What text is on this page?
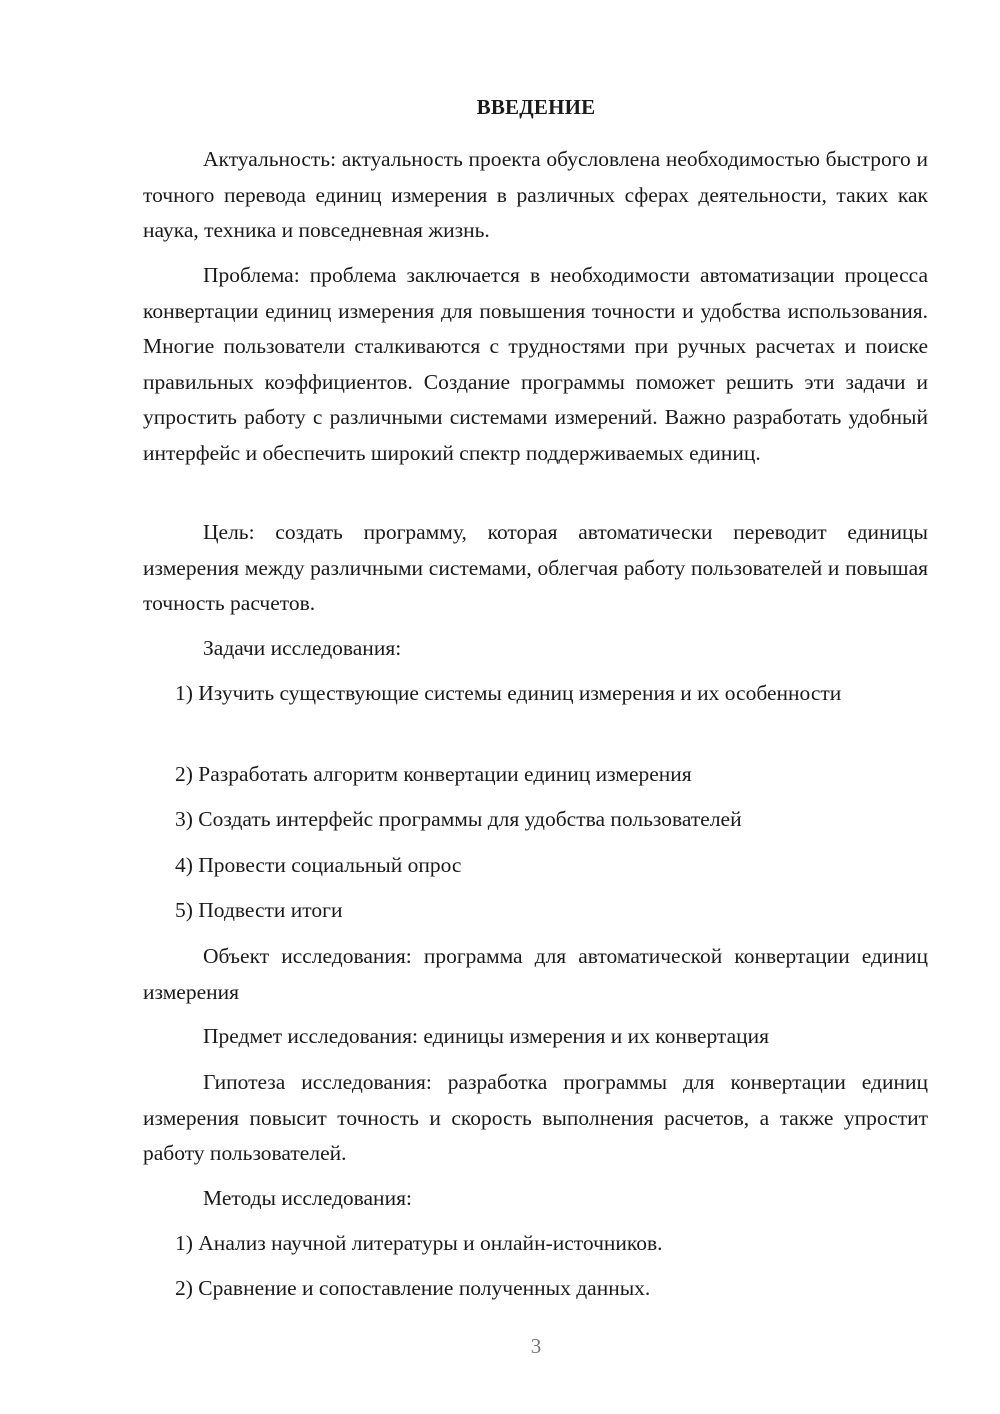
ВВЕДЕНИЕ

Актуальность: актуальность проекта обусловлена необходимостью быстрого и точного перевода единиц измерения в различных сферах деятельности, таких как наука, техника и повседневная жизнь.

Проблема: проблема заключается в необходимости автоматизации процесса конвертации единиц измерения для повышения точности и удобства использования. Многие пользователи сталкиваются с трудностями при ручных расчетах и поиске правильных коэффициентов. Создание программы поможет решить эти задачи и упростить работу с различными системами измерений. Важно разработать удобный интерфейс и обеспечить широкий спектр поддерживаемых единиц.

Цель: создать программу, которая автоматически переводит единицы измерения между различными системами, облегчая работу пользователей и повышая точность расчетов.

Задачи исследования:

1) Изучить существующие системы единиц измерения и их особенности

2) Разработать алгоритм конвертации единиц измерения

3) Создать интерфейс программы для удобства пользователей

4) Провести социальный опрос

5) Подвести итоги

Объект исследования: программа для автоматической конвертации единиц измерения

Предмет исследования: единицы измерения и их конвертация

Гипотеза исследования: разработка программы для конвертации единиц измерения повысит точность и скорость выполнения расчетов, а также упростит работу пользователей.

Методы исследования:

1) Анализ научной литературы и онлайн-источников.

2) Сравнение и сопоставление полученных данных.

3
